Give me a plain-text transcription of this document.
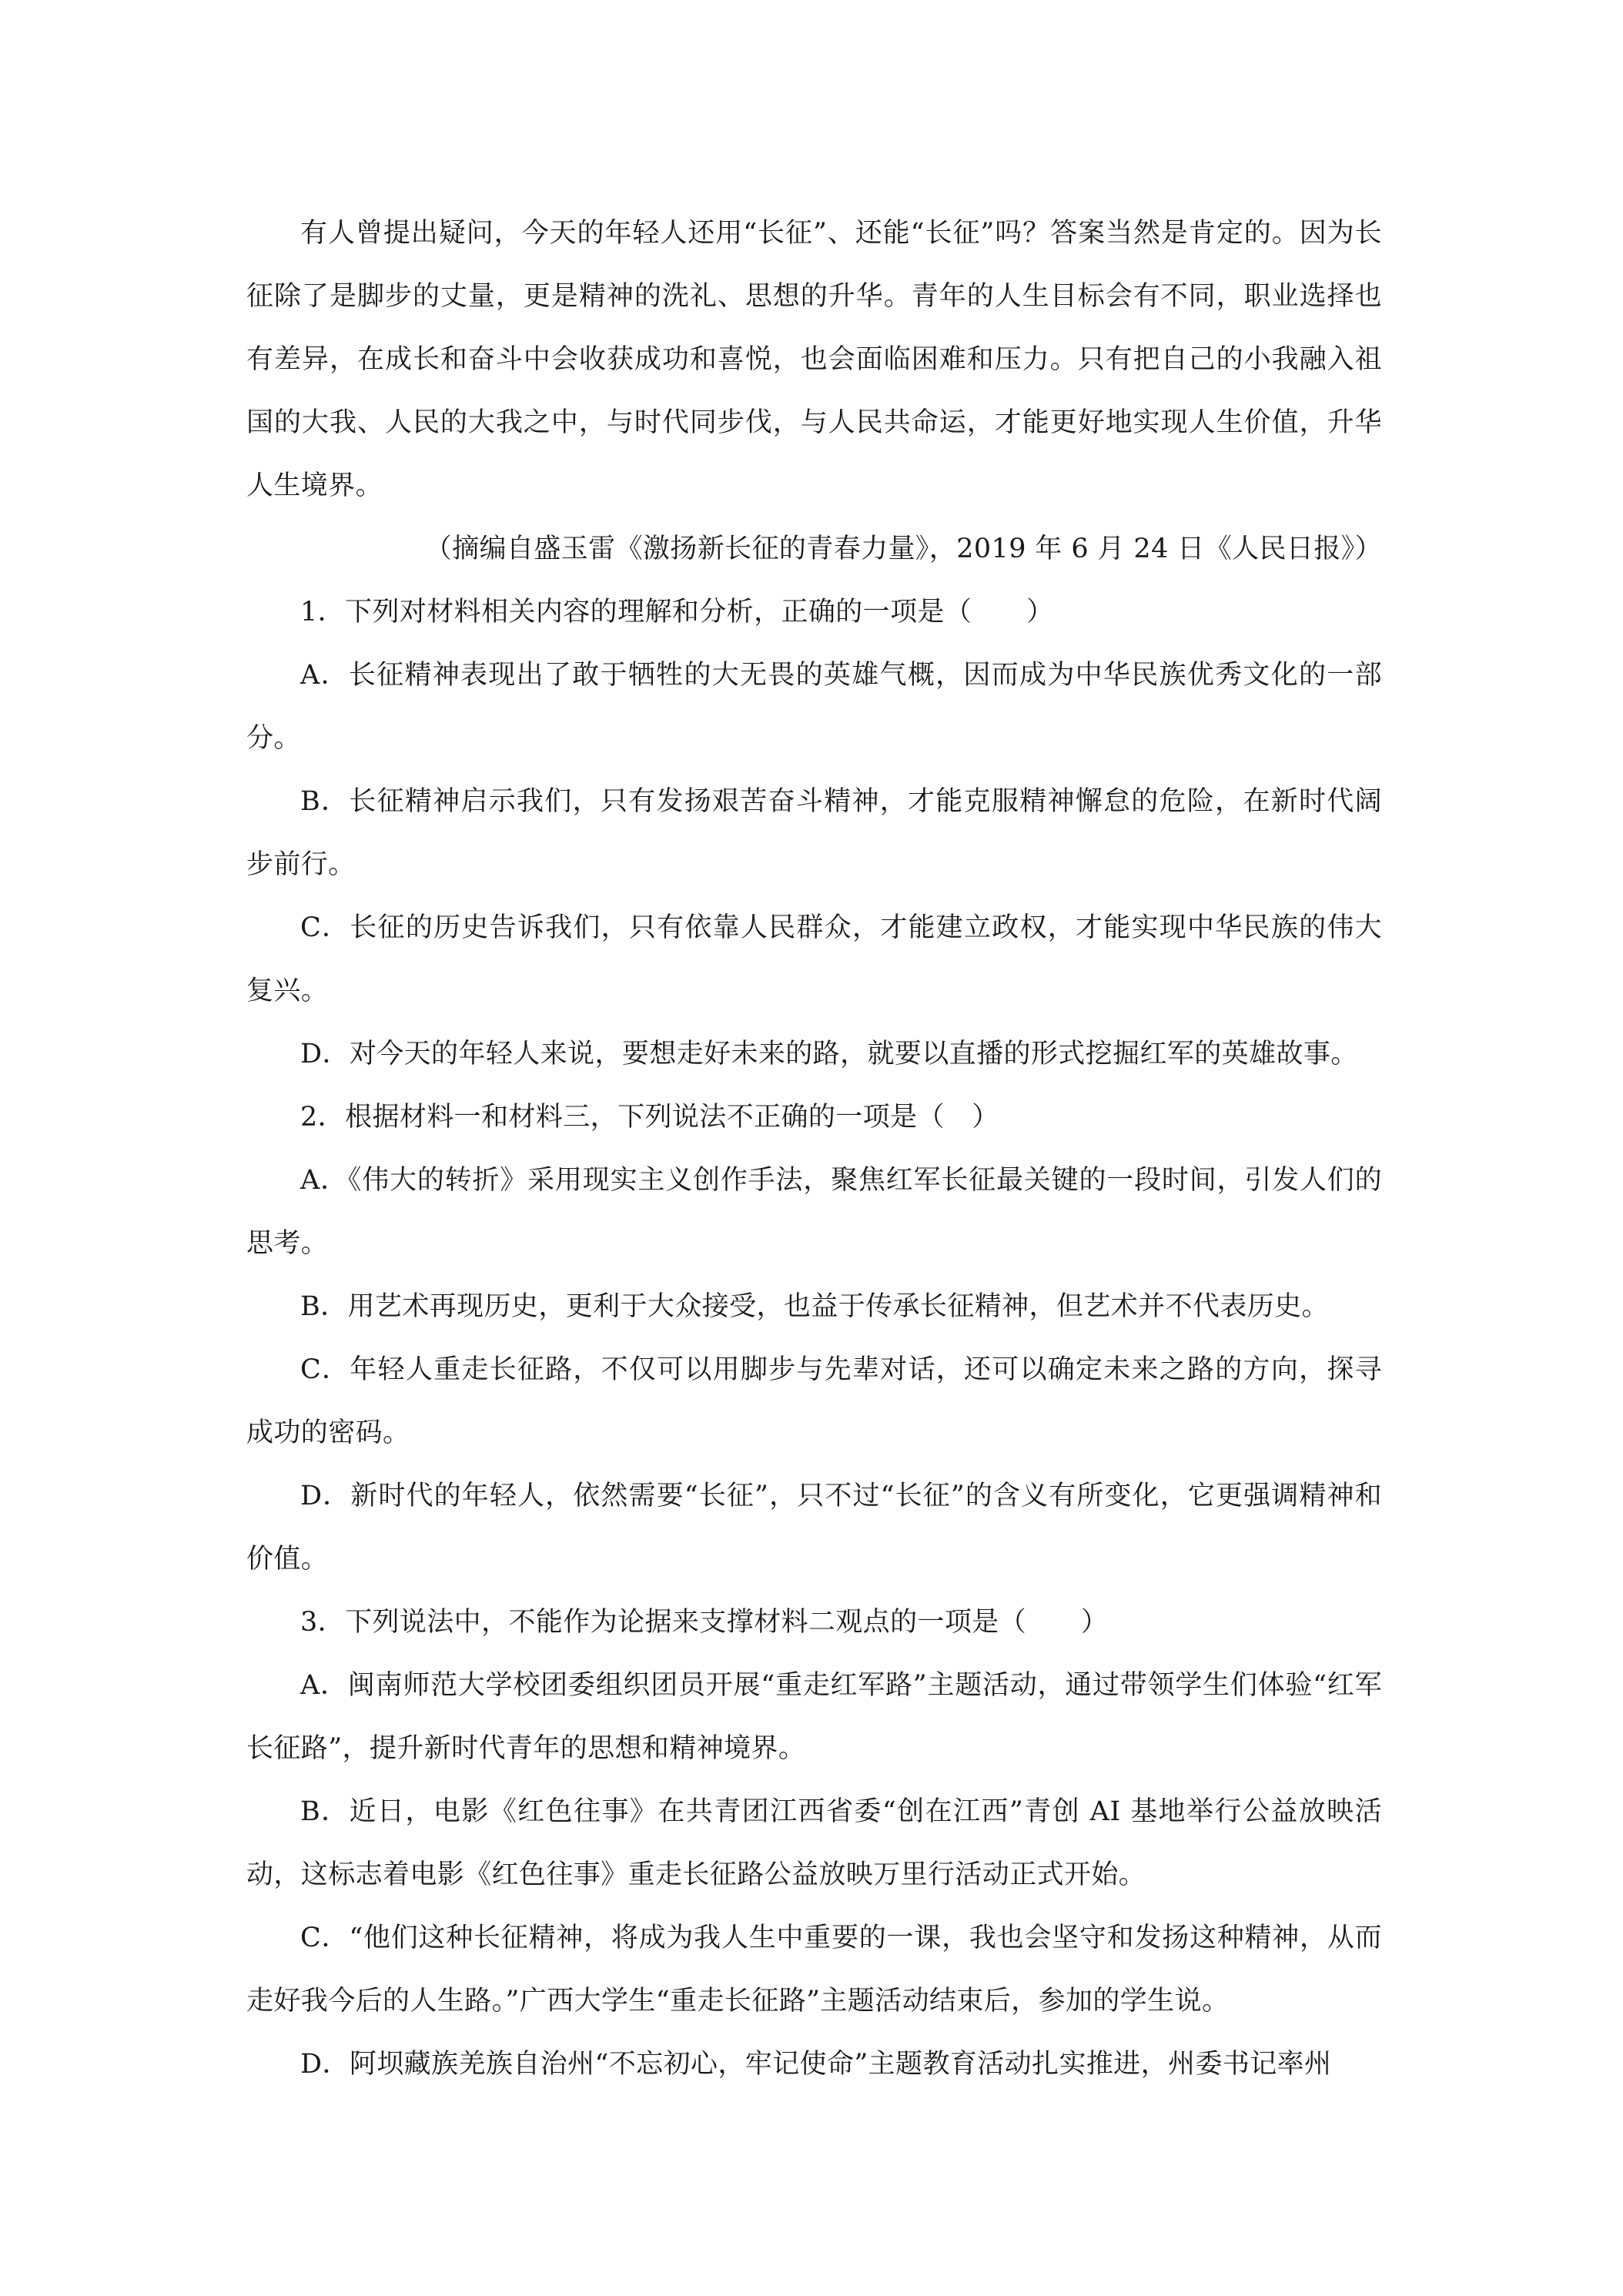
有人曾提出疑问，今天的年轻人还用“长征”、还能“长征”吗？答案当然是肯定的。因为长征除了是脚步的丈量，更是精神的洗礼、思想的升华。青年的人生目标会有不同，职业选择也有差异，在成长和奋斗中会收获成功和喜悦，也会面临困难和压力。只有把自己的小我融入祖国的大我、人民的大我之中，与时代同步伐，与人民共命运，才能更好地实现人生价值，升华人生境界。

（摘编自盛玉雷《激扬新长征的青春力量》，2019 年 6 月 24 日《人民日报》）

1．下列对材料相关内容的理解和分析，正确的一项是（　　）

A．长征精神表现出了敢于牺牲的大无畏的英雄气概，因而成为中华民族优秀文化的一部分。

B．长征精神启示我们，只有发扬艰苦奋斗精神，才能克服精神懈怠的危险，在新时代阔步前行。

C．长征的历史告诉我们，只有依靠人民群众，才能建立政权，才能实现中华民族的伟大复兴。

D．对今天的年轻人来说，要想走好未来的路，就要以直播的形式挖掘红军的英雄故事。

2．根据材料一和材料三，下列说法不正确的一项是（　）

A．《伟大的转折》采用现实主义创作手法，聚焦红军长征最关键的一段时间，引发人们的思考。

B．用艺术再现历史，更利于大众接受，也益于传承长征精神，但艺术并不代表历史。

C．年轻人重走长征路，不仅可以用脚步与先辈对话，还可以确定未来之路的方向，探寻成功的密码。

D．新时代的年轻人，依然需要“长征”，只不过“长征”的含义有所变化，它更强调精神和价值。

3．下列说法中，不能作为论据来支撑材料二观点的一项是（　　）

A．闽南师范大学校团委组织团员开展“重走红军路”主题活动，通过带领学生们体验“红军长征路”，提升新时代青年的思想和精神境界。

B．近日，电影《红色往事》在共青团江西省委“创在江西”青创 AI 基地举行公益放映活动，这标志着电影《红色往事》重走长征路公益放映万里行活动正式开始。

C．“他们这种长征精神，将成为我人生中重要的一课，我也会坚守和发扬这种精神，从而走好我今后的人生路。”广西大学生“重走长征路”主题活动结束后，参加的学生说。

D．阿坝藏族羌族自治州“不忘初心，牢记使命”主题教育活动扎实推进，州委书记率州
